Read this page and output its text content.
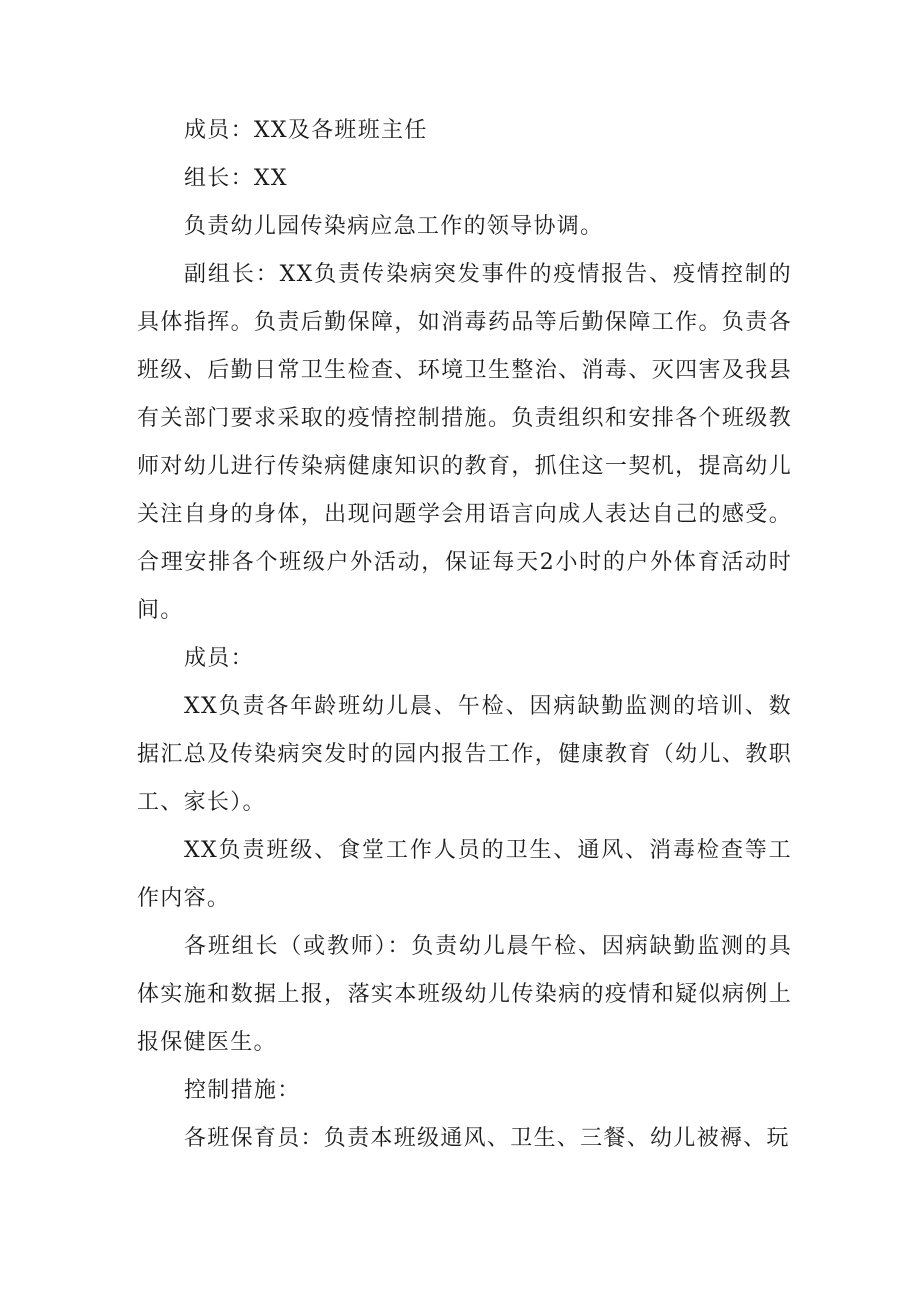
成员：XX及各班班主任

组长：XX

负责幼儿园传染病应急工作的领导协调。

副组长：XX负责传染病突发事件的疫情报告、疫情控制的具体指挥。负责后勤保障，如消毒药品等后勤保障工作。负责各班级、后勤日常卫生检查、环境卫生整治、消毒、灭四害及我县有关部门要求采取的疫情控制措施。负责组织和安排各个班级教师对幼儿进行传染病健康知识的教育，抓住这一契机，提高幼儿关注自身的身体，出现问题学会用语言向成人表达自己的感受。合理安排各个班级户外活动，保证每天2小时的户外体育活动时间。

成员：

XX负责各年龄班幼儿晨、午检、因病缺勤监测的培训、数据汇总及传染病突发时的园内报告工作，健康教育（幼儿、教职工、家长）。

XX负责班级、食堂工作人员的卫生、通风、消毒检查等工作内容。

各班组长（或教师）：负责幼儿晨午检、因病缺勤监测的具体实施和数据上报，落实本班级幼儿传染病的疫情和疑似病例上报保健医生。

控制措施：

各班保育员：负责本班级通风、卫生、三餐、幼儿被褥、玩
